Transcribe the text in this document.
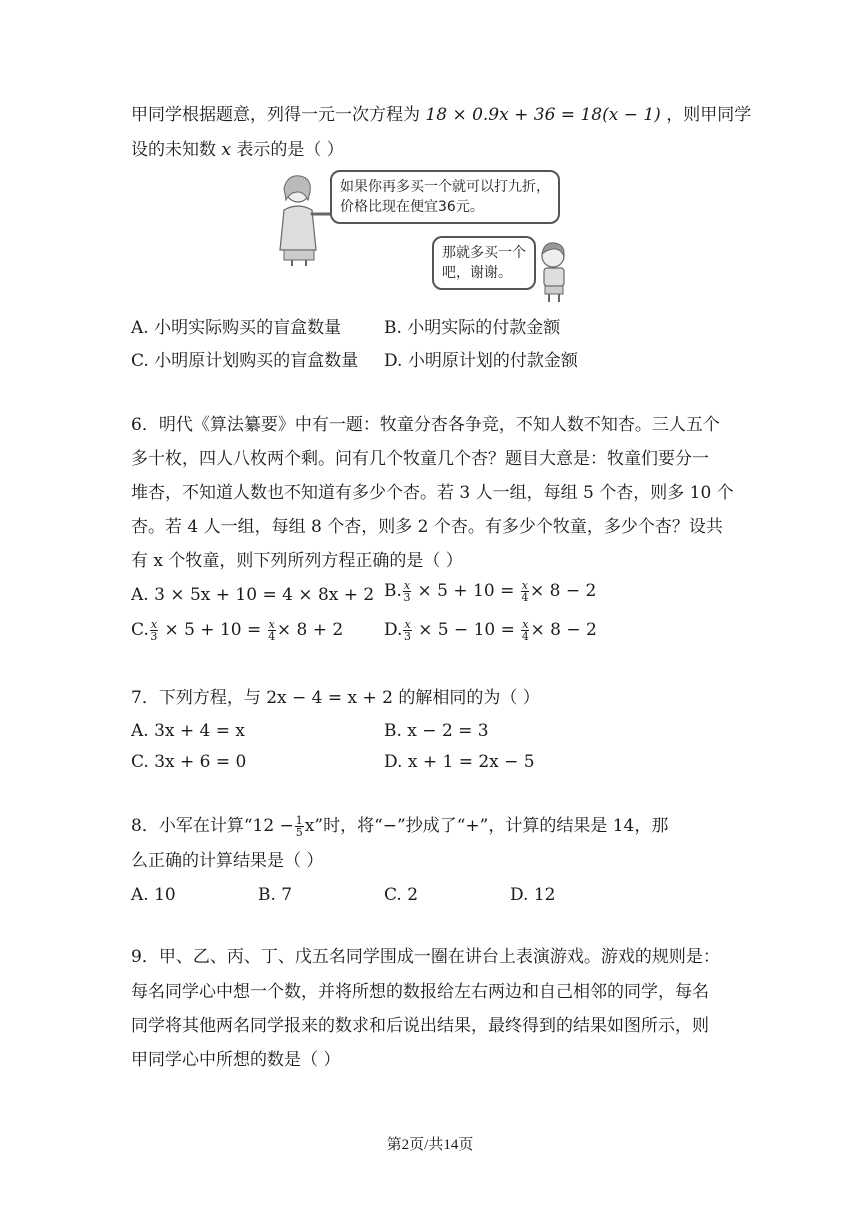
甲同学根据题意，列得一元一次方程为 18 × 0.9x + 36 = 18(x − 1) ，则甲同学
设的未知数 x 表示的是（ ）
如果你再多买一个就可以打九折，
价格比现在便宜36元。
那就多买一个
吧，谢谢。
A. 小明实际购买的盲盒数量	B. 小明实际的付款金额
C. 小明原计划购买的盲盒数量 D. 小明原计划的付款金额
6．明代《算法纂要》中有一题：牧童分杏各争竞，不知人数不知杏。三人五个
多十枚，四人八枚两个剩。问有几个牧童几个杏？题目大意是：牧童们要分一
堆杏，不知道人数也不知道有多少个杏。若 3 人一组，每组 5 个杏，则多 10 个
杏。若 4 人一组，每组 8 个杏，则多 2 个杏。有多少个牧童，多少个杏？设共
有 x 个牧童，则下列所列方程正确的是（ ）
A. 3 × 5x + 10 = 4 × 8x + 2 B. $\frac{x}{3} \times 5 + 10 = \frac{x}{4} \times 8 - 2$
C. $\frac{x}{3} \times 5 + 10 = \frac{x}{4} \times 8 + 2$ D. $\frac{x}{3} \times 5 - 10 = \frac{x}{4} \times 8 - 2$
7．下列方程，与 2x − 4 = x + 2 的解相同的为（ ）
A. 3x + 4 = x	B. x − 2 = 3
C. 3x + 6 = 0	D. x + 1 = 2x − 5
8．小军在计算“$12 - \frac{1}{5} x$”时，将“−”抄成了“+”，计算的结果是 14，那
么正确的计算结果是（ ）
A. 10	B. 7	C. 2	D. 12
9．甲、乙、丙、丁、戊五名同学围成一圈在讲台上表演游戏。游戏的规则是：
每名同学心中想一个数，并将所想的数报给左右两边和自己相邻的同学，每名
同学将其他两名同学报来的数求和后说出结果，最终得到的结果如图所示，则
甲同学心中所想的数是（ ）
第2页/共14页
